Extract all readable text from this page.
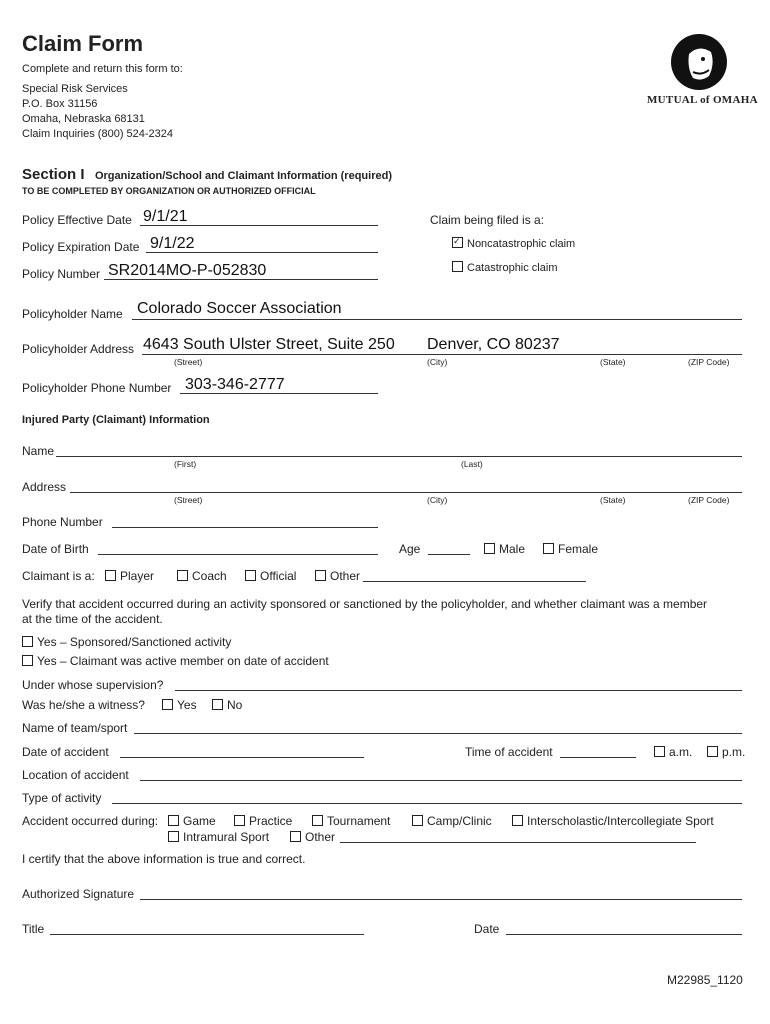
Claim Form
Complete and return this form to:
Special Risk Services
P.O. Box 31156
Omaha, Nebraska 68131
Claim Inquiries (800) 524-2324
MUTUAL of OMAHA
Section I Organization/School and Claimant Information (required)
TO BE COMPLETED BY ORGANIZATION OR AUTHORIZED OFFICIAL
Policy Effective Date 9/1/21
Policy Expiration Date 9/1/22
Policy Number SR2014MO-P-052830
Claim being filed is a:
✓Noncatastrophic claim
Catastrophic claim
Policyholder Name Colorado Soccer Association
Policyholder Address 4643 South Ulster Street, Suite 250 Denver, CO 80237
(Street)	(City)	(State)	(ZIP Code)
Policyholder Phone Number 303-346-2777
Injured Party (Claimant) Information
Name
(First)	(Last)
Address
(Street)	(City)	(State)	(ZIP Code)
Phone Number
Date of Birth	Age	Male	Female
Claimant is a:	Player	Coach	Official	Other
Verify that accident occurred during an activity sponsored or sanctioned by the policyholder, and whether claimant was a member
at the time of the accident.
Yes – Sponsored/Sanctioned activity
Yes – Claimant was active member on date of accident
Under whose supervision?
Was he/she a witness?	Yes	No
Name of team/sport
Date of accident	Time of accident	a.m.	p.m.
Location of accident
Type of activity
Accident occurred during:	Game	Practice	Tournament	Camp/Clinic	Interscholastic/Intercollegiate Sport
Intramural Sport	Other
I certify that the above information is true and correct.
Authorized Signature
Title	Date
M22985_1120
